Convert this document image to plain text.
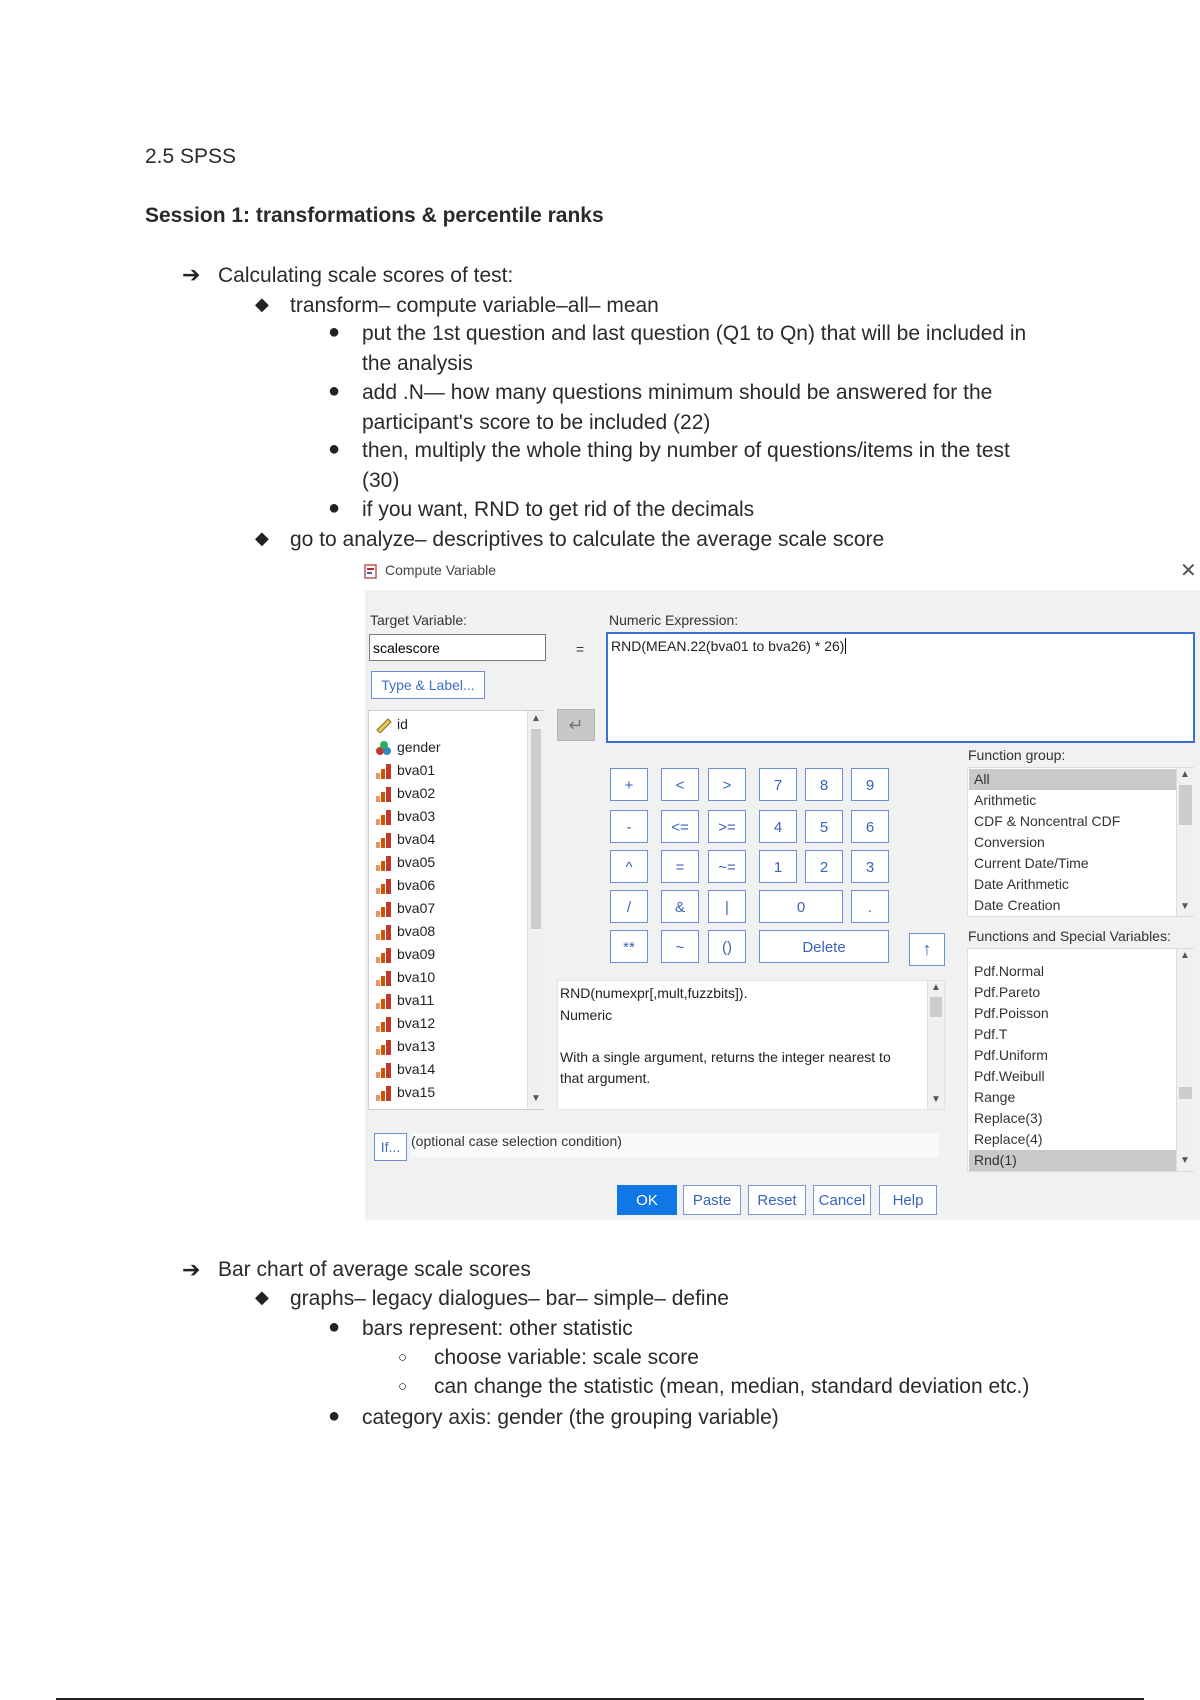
2.5 SPSS
Session 1: transformations & percentile ranks
➔ Calculating scale scores of test:
◆ transform– compute variable–all– mean
● put the 1st question and last question (Q1 to Qn) that will be included in
the analysis
● add .N— how many questions minimum should be answered for the
participant's score to be included (22)
● then, multiply the whole thing by number of questions/items in the test
(30)
● if you want, RND to get rid of the decimals
◆ go to analyze– descriptives to calculate the average scale score
Compute Variable	✕
Target Variable:
scalescore
=
Type & Label...
Numeric Expression:
RND(MEAN.22(bva01 to bva26) * 26)
id
gender
bva01
bva02
bva03
bva04
bva05
bva06
bva07
bva08
bva09
bva10
bva11
bva12
bva13
bva14
bva15
▲
▼
↵
+	<	>	7	8	9
-	<=	>=	4	5	6
^	=	~=	1	2	3
/	&	|	0	.
**	~	()	Delete	↑
RND(numexpr[,mult,fuzzbits]).
Numeric
With a single argument, returns the integer nearest to
that argument.
▲
▼
If... (optional case selection condition)
Function group:
All
Arithmetic
CDF & Noncentral CDF
Conversion
Current Date/Time
Date Arithmetic
Date Creation
▲
▼
Functions and Special Variables:
Pdf.Normal
Pdf.Pareto
Pdf.Poisson
Pdf.T
Pdf.Uniform
Pdf.Weibull
Range
Replace(3)
Replace(4)
Rnd(1)
▲
▼
OK	Paste	Reset	Cancel	Help
➔ Bar chart of average scale scores
◆ graphs– legacy dialogues– bar– simple– define
● bars represent: other statistic
○ choose variable: scale score
○ can change the statistic (mean, median, standard deviation etc.)
● category axis: gender (the grouping variable)
